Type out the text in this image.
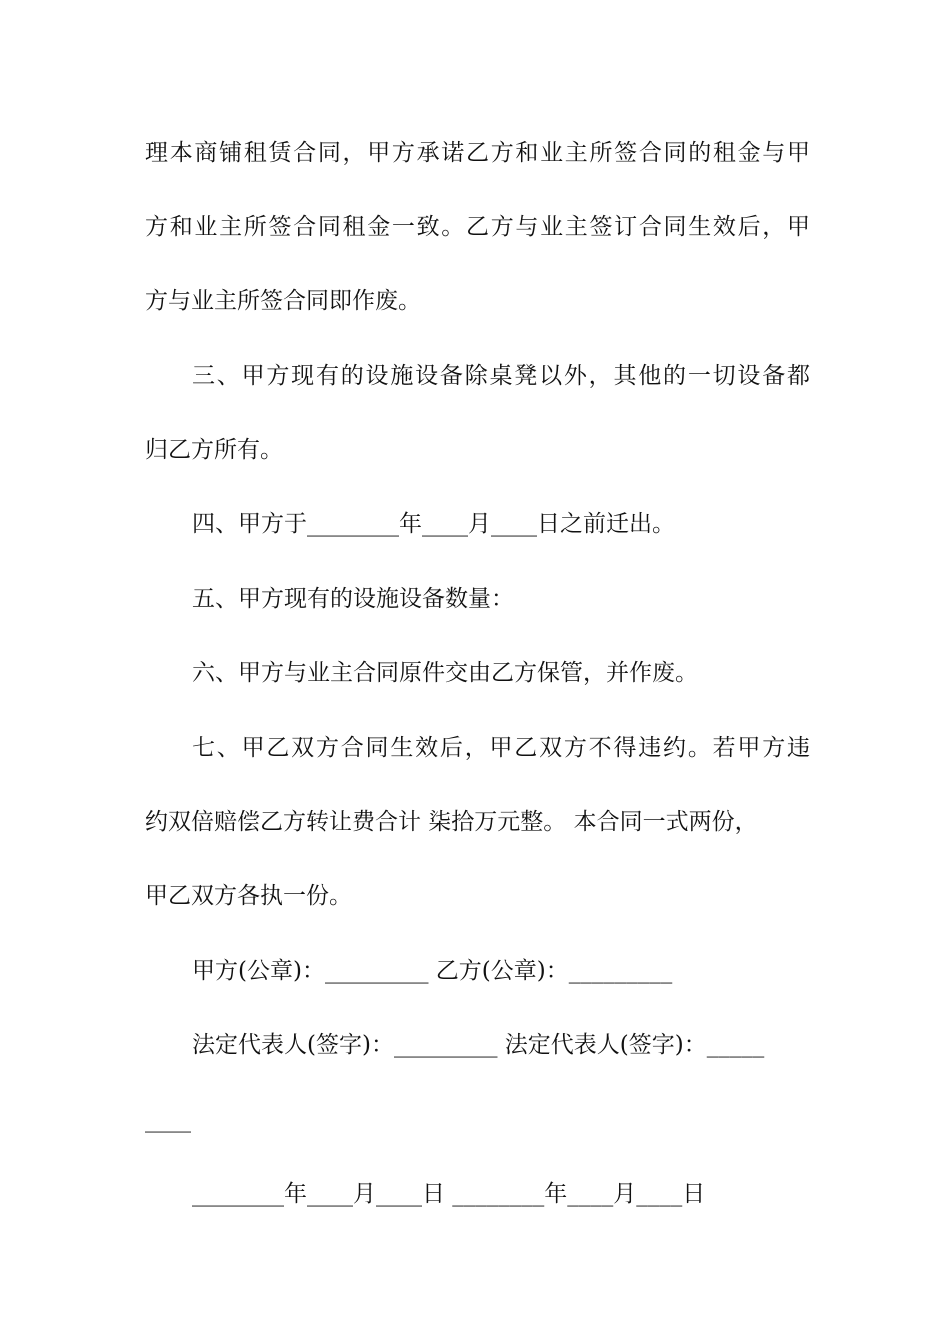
理本商铺租赁合同，甲方承诺乙方和业主所签合同的租金与甲
方和业主所签合同租金一致。乙方与业主签订合同生效后，甲
方与业主所签合同即作废。
三、甲方现有的设施设备除桌凳以外，其他的一切设备都
归乙方所有。
四、甲方于________年____月____日之前迁出。
五、甲方现有的设施设备数量：
六、甲方与业主合同原件交由乙方保管，并作废。
七、甲乙双方合同生效后，甲乙双方不得违约。若甲方违
约双倍赔偿乙方转让费合计 柒拾万元整。 本合同一式两份，
甲乙双方各执一份。
甲方(公章)：_________ 乙方(公章)：_________
法定代表人(签字)：_________ 法定代表人(签字)：_____
____
________年____月____日 ________年____月____日
